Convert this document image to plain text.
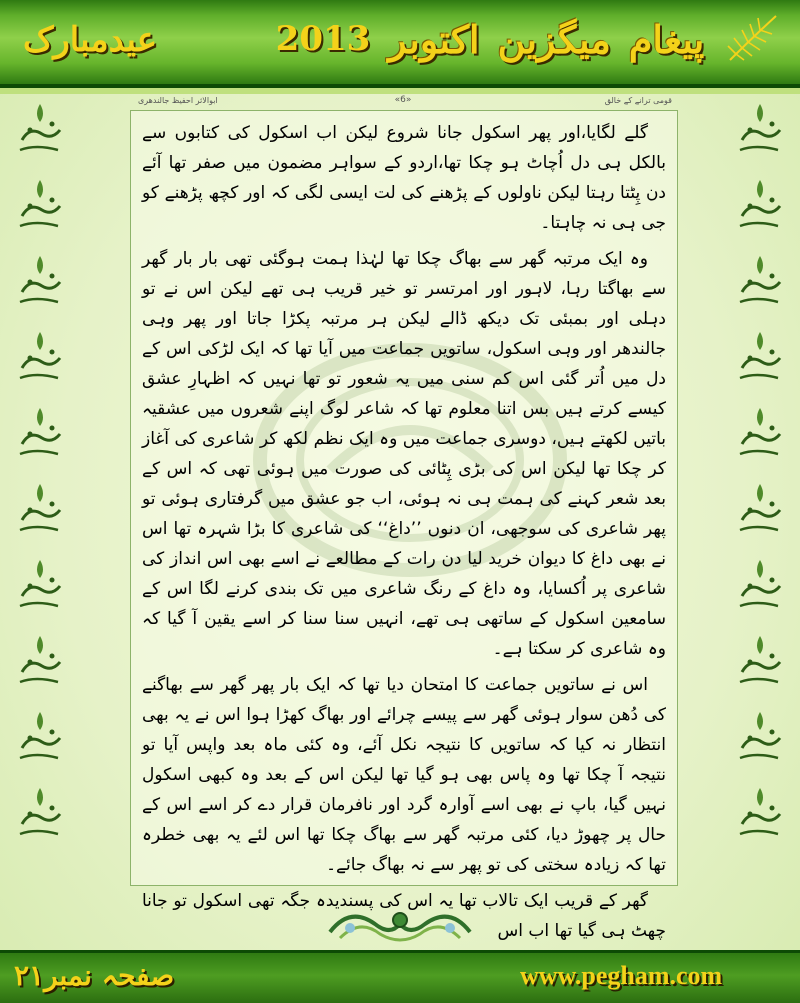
عیدمبارک	پیغام
میگزین
اکتوبر
2013
ابوالاثر احفیظ جالندھری	«6»	قومی ترانے کے خالق

گلے لگایا،اور پھر اسکول جانا شروع لیکن اب اسکول کی کتابوں سے بالکل ہی دل اُچاٹ ہو چکا تھا،اردو کے سواہر مضمون میں صفر تھا آئے دن پِٹتا رہتا لیکن ناولوں کے پڑھنے کی لت ایسی لگی کہ اور کچھ پڑھنے کو جی ہی نہ چاہتا۔

وہ ایک مرتبہ گھر سے بھاگ چکا تھا لہٰذا ہمت ہوگئی تھی بار بار گھر سے بھاگتا رہا، لاہور اور امرتسر تو خیر قریب ہی تھے لیکن اس نے تو دہلی اور بمبئی تک دیکھ ڈالے لیکن ہر مرتبہ پکڑا جاتا اور پھر وہی جالندھر اور وہی اسکول، ساتویں جماعت میں آیا تھا کہ ایک لڑکی اس کے دل میں اُتر گئی اس کم سنی میں یہ شعور تو تھا نہیں کہ اظہارِ عشق کیسے کرتے ہیں بس اتنا معلوم تھا کہ شاعر لوگ اپنے شعروں میں عشقیہ باتیں لکھتے ہیں، دوسری جماعت میں وہ ایک نظم لکھ کر شاعری کی آغاز کر چکا تھا لیکن اس کی بڑی پِٹائی کی صورت میں ہوئی تھی کہ اس کے بعد شعر کہنے کی ہمت ہی نہ ہوئی، اب جو عشق میں گرفتاری ہوئی تو پھر شاعری کی سوجھی، ان دنوں ’’داغ‘‘ کی شاعری کا بڑا شہرہ تھا اس نے بھی داغ کا دیوان خرید لیا دن رات کے مطالعے نے اسے بھی اس انداز کی شاعری پر اُکسایا، وہ داغ کے رنگ شاعری میں تک بندی کرنے لگا اس کے سامعین اسکول کے ساتھی ہی تھے، انہیں سنا سنا کر اسے یقین آ گیا کہ وہ شاعری کر سکتا ہے۔

اس نے ساتویں جماعت کا امتحان دیا تھا کہ ایک بار پھر گھر سے بھاگنے کی دُھن سوار ہوئی گھر سے پیسے چرائے اور بھاگ کھڑا ہوا اس نے یہ بھی انتظار نہ کیا کہ ساتویں کا نتیجہ نکل آئے، وہ کئی ماہ بعد واپس آیا تو نتیجہ آ چکا تھا وہ پاس بھی ہو گیا تھا لیکن اس کے بعد وہ کبھی اسکول نہیں گیا، باپ نے بھی اسے آوارہ گرد اور نافرمان قرار دے کر اسے اس کے حال پر چھوڑ دیا، کئی مرتبہ گھر سے بھاگ چکا تھا اس لئے یہ بھی خطرہ تھا کہ زیادہ سختی کی تو پھر سے نہ بھاگ جائے۔

گھر کے قریب ایک تالاب تھا یہ اس کی پسندیدہ جگہ تھی اسکول تو جانا چھٹ ہی گیا تھا اب اس

صفحہ نمبر۲۱	www.pegham.com
